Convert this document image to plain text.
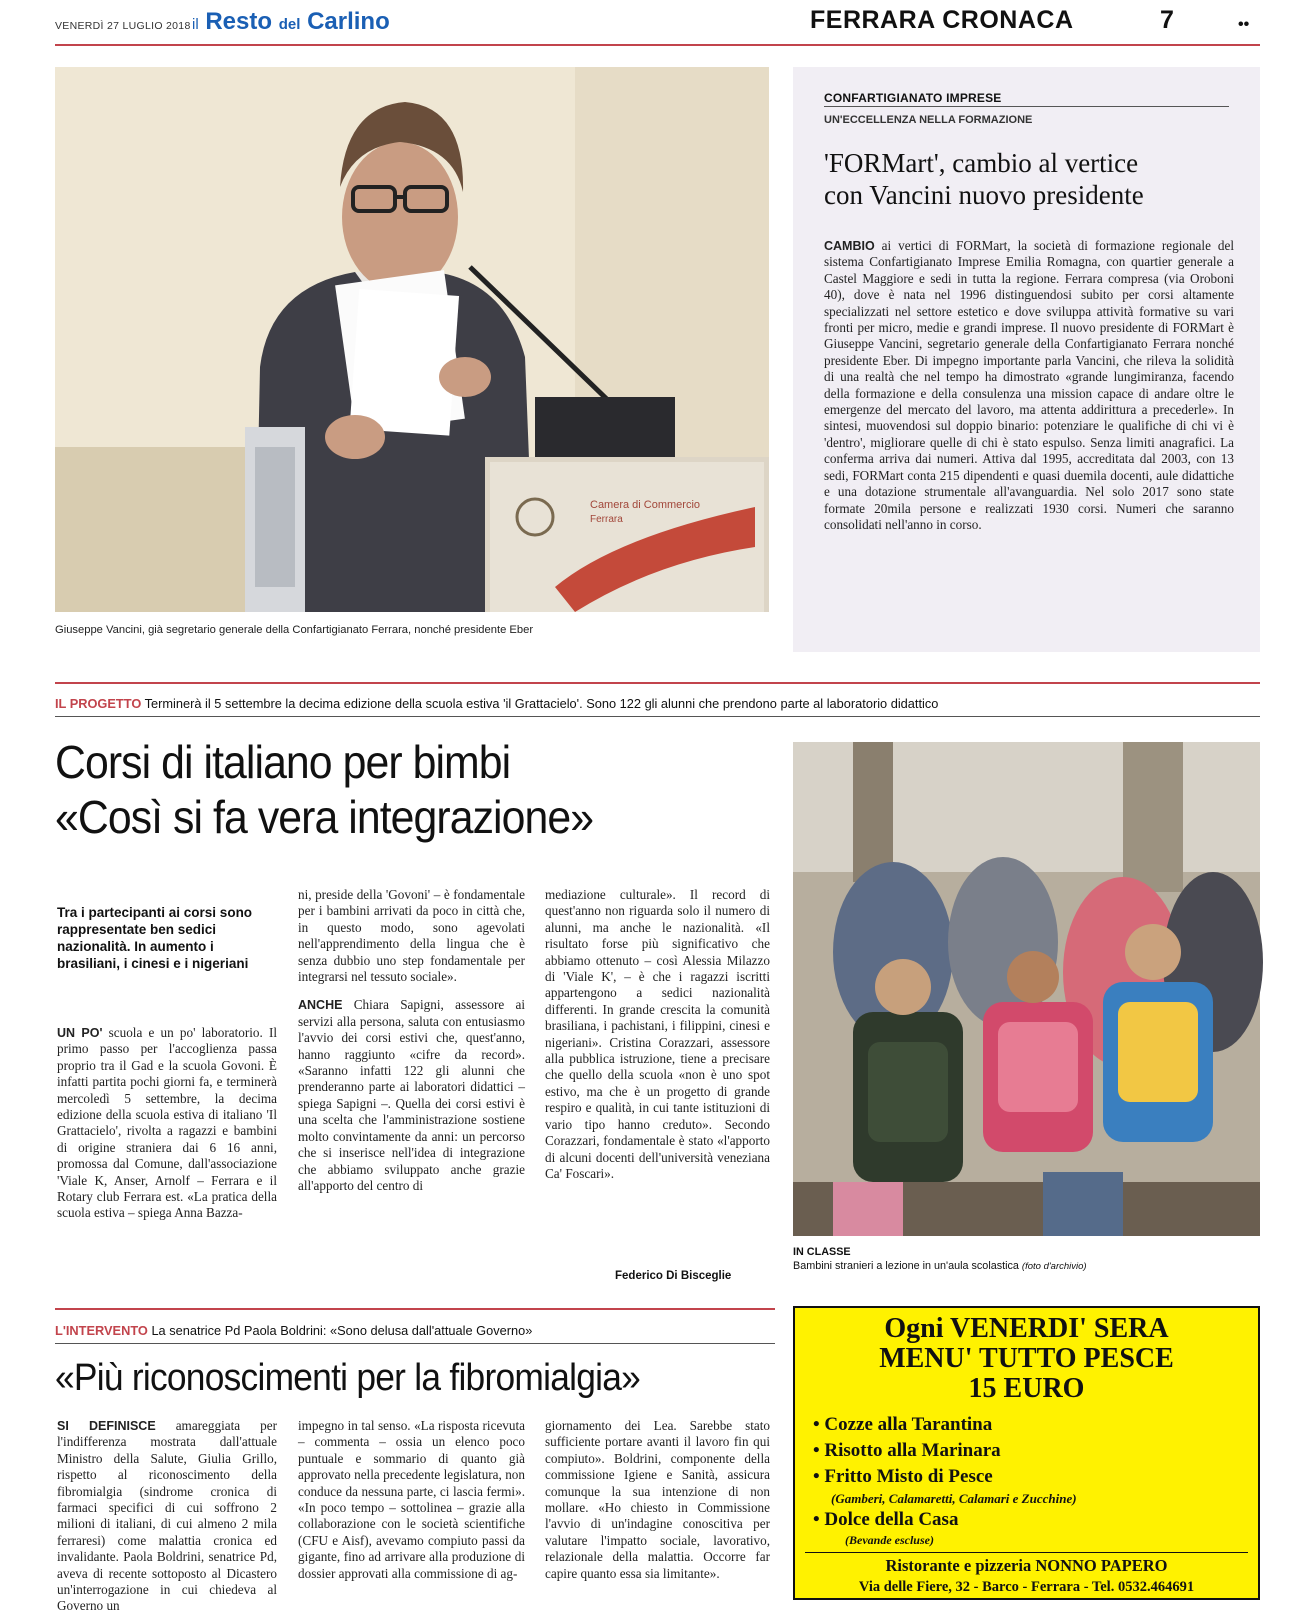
VENERDÌ 27 LUGLIO 2018 il Resto del Carlino	FERRARA CRONACA	7	••
Camera di Commercio
Ferrara
Giuseppe Vancini, già segretario generale della Confartigianato Ferrara, nonché presidente Eber
CONFARTIGIANATO IMPRESE
UN'ECCELLENZA NELLA FORMAZIONE
'FORMart', cambio al vertice
con Vancini nuovo presidente
CAMBIO ai vertici di FORMart, la società di formazione regionale del sistema Confartigianato Imprese Emilia Romagna, con quartier generale a Castel Maggiore e sedi in tutta la regione. Ferrara compresa (via Oroboni 40), dove è nata nel 1996 distinguendosi subito per corsi altamente specializzati nel settore estetico e dove sviluppa attività formative su vari fronti per micro, medie e grandi imprese. Il nuovo presidente di FORMart è Giuseppe Vancini, segretario generale della Confartigianato Ferrara nonché presidente Eber. Di impegno importante parla Vancini, che rileva la solidità di una realtà che nel tempo ha dimostrato «grande lungimiranza, facendo della formazione e della consulenza una mission capace di andare oltre le emergenze del mercato del lavoro, ma attenta addirittura a precederle». In sintesi, muovendosi sul doppio binario: potenziare le qualifiche di chi vi è 'dentro', migliorare quelle di chi è stato espulso. Senza limiti anagrafici. La conferma arriva dai numeri. Attiva dal 1995, accreditata dal 2003, con 13 sedi, FORMart conta 215 dipendenti e quasi duemila docenti, aule didattiche e una dotazione strumentale all'avanguardia. Nel solo 2017 sono state formate 20mila persone e realizzati 1930 corsi. Numeri che saranno consolidati nell'anno in corso.
IL PROGETTO Terminerà il 5 settembre la decima edizione della scuola estiva 'il Grattacielo'. Sono 122 gli alunni che prendono parte al laboratorio didattico
Corsi di italiano per bimbi
«Così si fa vera integrazione»
Tra i partecipanti ai corsi sono rappresentate ben sedici nazionalità. In aumento i brasiliani, i cinesi e i nigeriani
UN PO' scuola e un po' laboratorio. Il primo passo per l'accoglienza passa proprio tra il Gad e la scuola Govoni. È infatti partita pochi giorni fa, e terminerà mercoledì 5 settembre, la decima edizione della scuola estiva di italiano 'Il Grattacielo', rivolta a ragazzi e bambini di origine straniera dai 6 16 anni, promossa dal Comune, dall'associazione 'Viale K, Anser, Arnolf – Ferrara e il Rotary club Ferrara est. «La pratica della scuola estiva – spiega Anna Bazza-
ni, preside della 'Govoni' – è fondamentale per i bambini arrivati da poco in città che, in questo modo, sono agevolati nell'apprendimento della lingua che è senza dubbio uno step fondamentale per integrarsi nel tessuto sociale».
ANCHE Chiara Sapigni, assessore ai servizi alla persona, saluta con entusiasmo l'avvio dei corsi estivi che, quest'anno, hanno raggiunto «cifre da record». «Saranno infatti 122 gli alunni che prenderanno parte ai laboratori didattici – spiega Sapigni –. Quella dei corsi estivi è una scelta che l'amministrazione sostiene molto convintamente da anni: un percorso che si inserisce nell'idea di integrazione che abbiamo sviluppato anche grazie all'apporto del centro di
mediazione culturale». Il record di quest'anno non riguarda solo il numero di alunni, ma anche le nazionalità. «Il risultato forse più significativo che abbiamo ottenuto – così Alessia Milazzo di 'Viale K', – è che i ragazzi iscritti appartengono a sedici nazionalità differenti. In grande crescita la comunità brasiliana, i pachistani, i filippini, cinesi e nigeriani». Cristina Corazzari, assessore alla pubblica istruzione, tiene a precisare che quello della scuola «non è uno spot estivo, ma che è un progetto di grande respiro e qualità, in cui tante istituzioni di vario tipo hanno creduto». Secondo Corazzari, fondamentale è stato «l'apporto di alcuni docenti dell'università veneziana Ca' Foscari».
Federico Di Bisceglie
IN CLASSE
Bambini stranieri a lezione in un'aula scolastica (foto d'archivio)
L'INTERVENTO La senatrice Pd Paola Boldrini: «Sono delusa dall'attuale Governo»
«Più riconoscimenti per la fibromialgia»
SI DEFINISCE amareggiata per l'indifferenza mostrata dall'attuale Ministro della Salute, Giulia Grillo, rispetto al riconoscimento della fibromialgia (sindrome cronica di farmaci specifici di cui soffrono 2 milioni di italiani, di cui almeno 2 mila ferraresi) come malattia cronica ed invalidante. Paola Boldrini, senatrice Pd, aveva di recente sottoposto al Dicastero un'interrogazione in cui chiedeva al Governo un
impegno in tal senso. «La risposta ricevuta – commenta – ossia un elenco poco puntuale e sommario di quanto già approvato nella precedente legislatura, non conduce da nessuna parte, ci lascia fermi». «In poco tempo – sottolinea – grazie alla collaborazione con le società scientifiche (CFU e Aisf), avevamo compiuto passi da gigante, fino ad arrivare alla produzione di dossier approvati alla commissione di ag-
giornamento dei Lea. Sarebbe stato sufficiente portare avanti il lavoro fin qui compiuto». Boldrini, componente della commissione Igiene e Sanità, assicura comunque la sua intenzione di non mollare. «Ho chiesto in Commissione l'avvio di un'indagine conoscitiva per valutare l'impatto sociale, lavorativo, relazionale della malattia. Occorre far capire quanto essa sia limitante».
Ogni VENERDI' SERA
MENU' TUTTO PESCE
15 EURO
• Cozze alla Tarantina
• Risotto alla Marinara
• Fritto Misto di Pesce
(Gamberi, Calamaretti, Calamari e Zucchine)
• Dolce della Casa
(Bevande escluse)
Ristorante e pizzeria NONNO PAPERO
Via delle Fiere, 32 - Barco - Ferrara - Tel. 0532.464691
